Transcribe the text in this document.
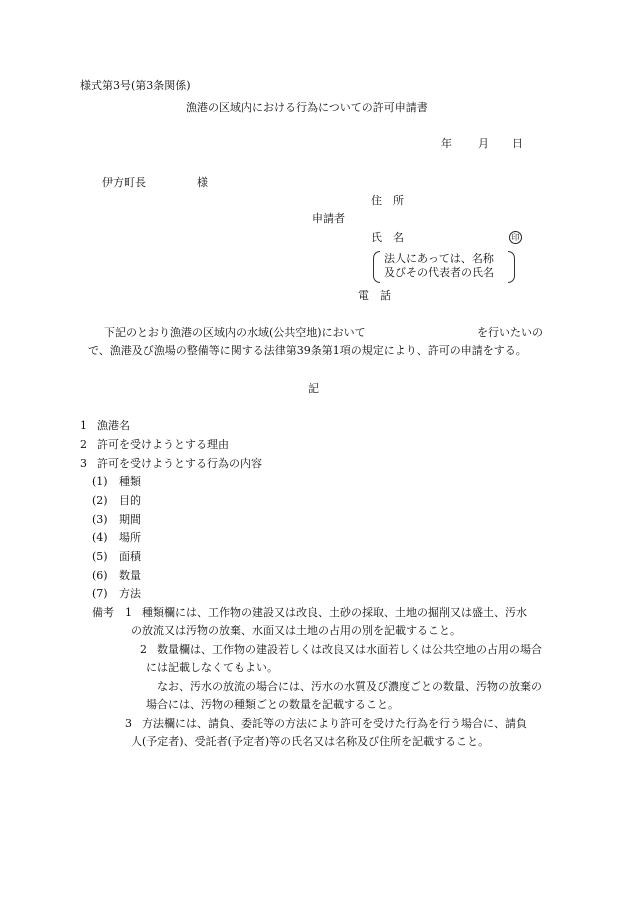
様式第3号(第3条関係)
漁港の区域内における行為についての許可申請書
年 月 日
伊方町長	様
住　所
申請者
氏　名	印
法人にあっては、名称
及びその代表者の氏名
電　話
下記のとおり漁港の区域内の水域(公共空地)において	を行いたいの
で、漁港及び漁場の整備等に関する法律第39条第1項の規定により、許可の申請をする。
記
1 漁港名
2 許可を受けようとする理由
3 許可を受けようとする行為の内容
(1) 種類
(2) 目的
(3) 期間
(4) 場所
(5) 面積
(6) 数量
(7) 方法
備考 1 種類欄には、工作物の建設又は改良、土砂の採取、土地の掘削又は盛土、汚水
の放流又は汚物の放棄、水面又は土地の占用の別を記載すること。
2 数量欄は、工作物の建設若しくは改良又は水面若しくは公共空地の占用の場合
には記載しなくてもよい。
なお、汚水の放流の場合には、汚水の水質及び濃度ごとの数量、汚物の放棄の
場合には、汚物の種類ごとの数量を記載すること。
3 方法欄には、請負、委託等の方法により許可を受けた行為を行う場合に、請負
人(予定者)、受託者(予定者)等の氏名又は名称及び住所を記載すること。
